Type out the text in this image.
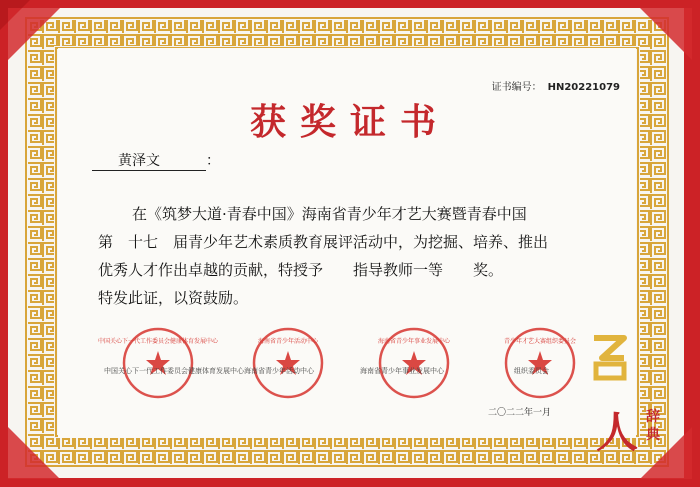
证书编号： HN20221079
获奖证书
黄泽文	：
在《筑梦大道·青春中国》海南省青少年才艺大赛暨青春中国
第　十七　届青少年艺术素质教育展评活动中，为挖掘、培养、推出
优秀人才作出卓越的贡献，特授予　　指导教师一等　　奖。
特发此证，以资鼓励。
中国关心下一代工作委员会健康体育发展中心	海南省青少年活动中心	海南省青少年事业发展中心	青少年才艺大赛组织委员会
中国关心下一代工作委员会健康体育发展中心 海南省青少年活动中心	海南省青少年事业发展中心	组织委员会
二〇二二年一月 人 辞
典
